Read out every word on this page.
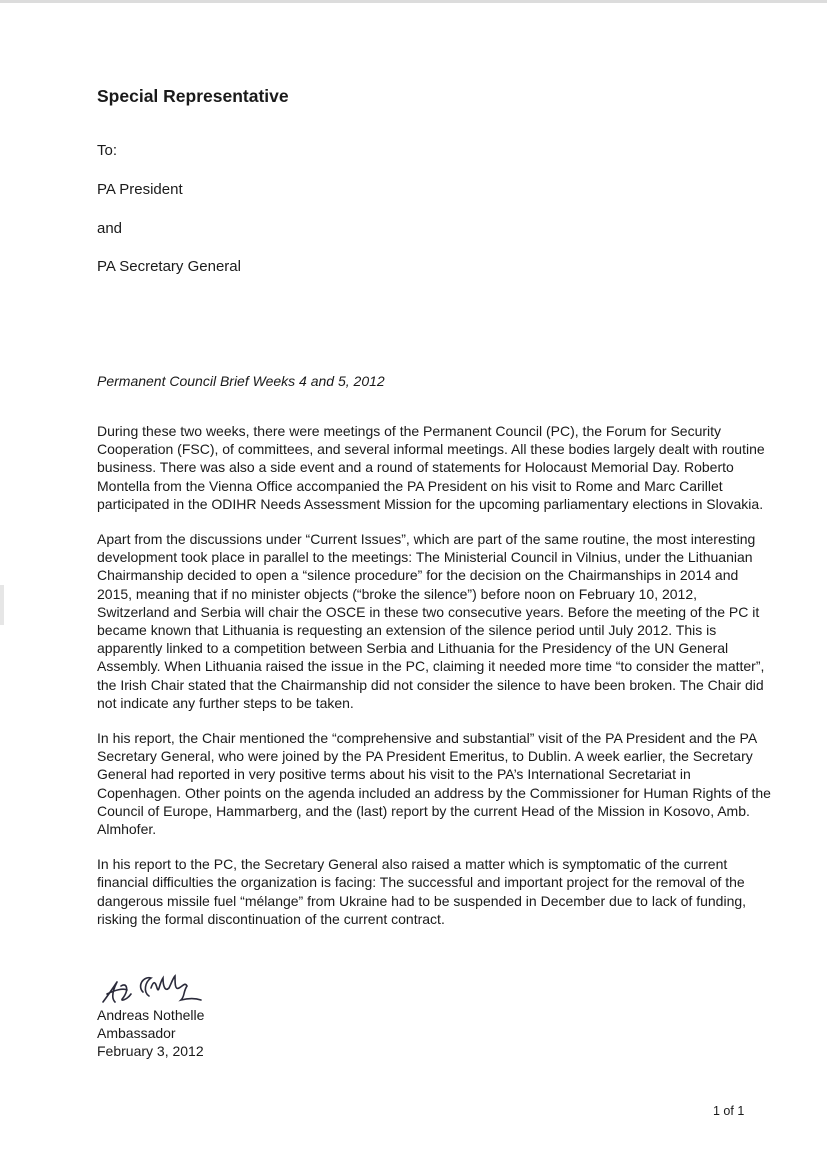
Special Representative

To:

PA President

and

PA Secretary General

Permanent Council Brief Weeks 4 and 5, 2012

During these two weeks, there were meetings of the Permanent Council (PC), the Forum for Security Cooperation (FSC), of committees, and several informal meetings. All these bodies largely dealt with routine business. There was also a side event and a round of statements for Holocaust Memorial Day. Roberto Montella from the Vienna Office accompanied the PA President on his visit to Rome and Marc Carillet participated in the ODIHR Needs Assessment Mission for the upcoming parliamentary elections in Slovakia.

Apart from the discussions under “Current Issues”, which are part of the same routine, the most interesting development took place in parallel to the meetings: The Ministerial Council in Vilnius, under the Lithuanian Chairmanship decided to open a “silence procedure” for the decision on the Chairmanships in 2014 and 2015, meaning that if no minister objects (“broke the silence”) before noon on February 10, 2012, Switzerland and Serbia will chair the OSCE in these two consecutive years. Before the meeting of the PC it became known that Lithuania is requesting an extension of the silence period until July 2012. This is apparently linked to a competition between Serbia and Lithuania for the Presidency of the UN General Assembly. When Lithuania raised the issue in the PC, claiming it needed more time “to consider the matter”, the Irish Chair stated that the Chairmanship did not consider the silence to have been broken. The Chair did not indicate any further steps to be taken.

In his report, the Chair mentioned the “comprehensive and substantial” visit of the PA President and the PA Secretary General, who were joined by the PA President Emeritus, to Dublin. A week earlier, the Secretary General had reported in very positive terms about his visit to the PA’s International Secretariat in Copenhagen. Other points on the agenda included an address by the Commissioner for Human Rights of the Council of Europe, Hammarberg, and the (last) report by the current Head of the Mission in Kosovo, Amb. Almhofer.

In his report to the PC, the Secretary General also raised a matter which is symptomatic of the current financial difficulties the organization is facing: The successful and important project for the removal of the dangerous missile fuel “mélange” from Ukraine had to be suspended in December due to lack of funding, risking the formal discontinuation of the current contract.

Andreas Nothelle
Ambassador
February 3, 2012
1 of 1
